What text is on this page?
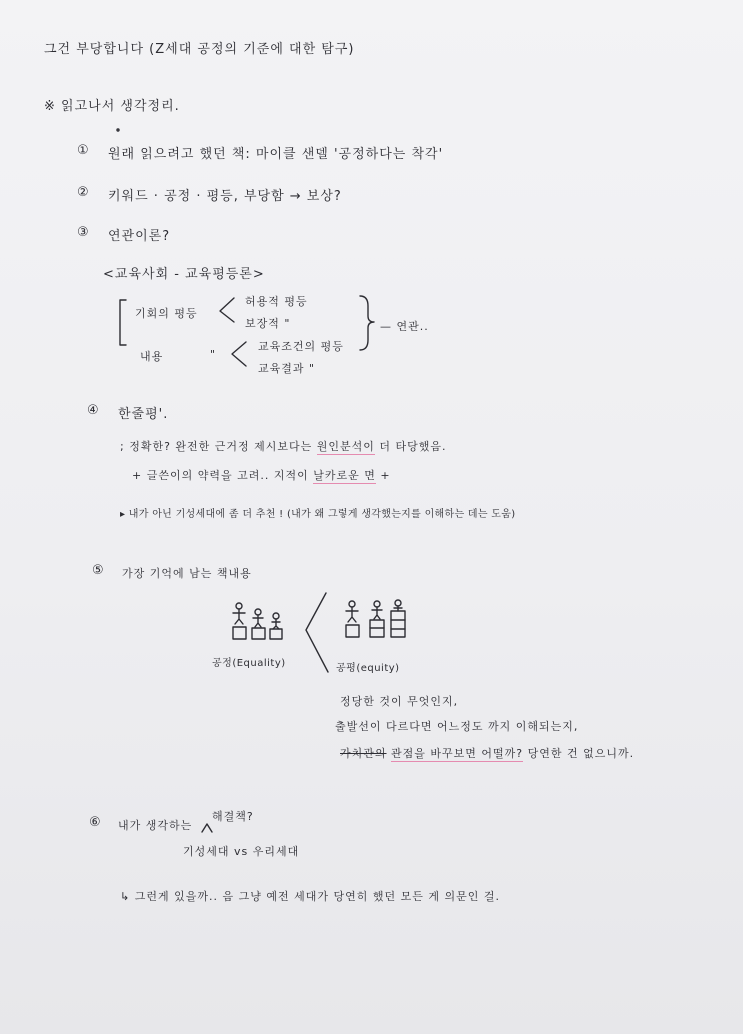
그건 부당합니다 (Z세대 공정의 기준에 대한 탐구)
※ 읽고나서 생각정리.
① 원래 읽으려고 했던 책: 마이클 샌델 '공정하다는 착각'
② 키워드 · 공정 · 평등, 부당함 → 보상?
③ 연관이론?
<교육사회 - 교육평등론>
기회의 평등
허용적 평등
보장적 "
내용	"
교육조건의 평등
교육결과 "
— 연관..
④ 한줄평'.
; 정확한? 완전한 근거정 제시보다는 원인분석이 더 타당했음.
+ 글쓴이의 약력을 고려.. 지적이 날카로운 면 +
▸ 내가 아닌 기성세대에 좀 더 추천 ! (내가 왜 그렇게 생각했는지를 이해하는 데는 도움)
⑤ 가장 기억에 남는 책내용
공정(Equality)	공평(equity)
정당한 것이 무엇인지,
출발선이 다르다면 어느정도 까지 이해되는지,
가치관의 관점을 바꾸보면 어떨까? 당연한 건 없으니까.
⑥ 내가 생각하는
해결책?
기성세대 vs 우리세대
↳ 그런게 있을까.. 음 그냥 예전 세대가 당연히 했던 모든 게 의문인 걸.
